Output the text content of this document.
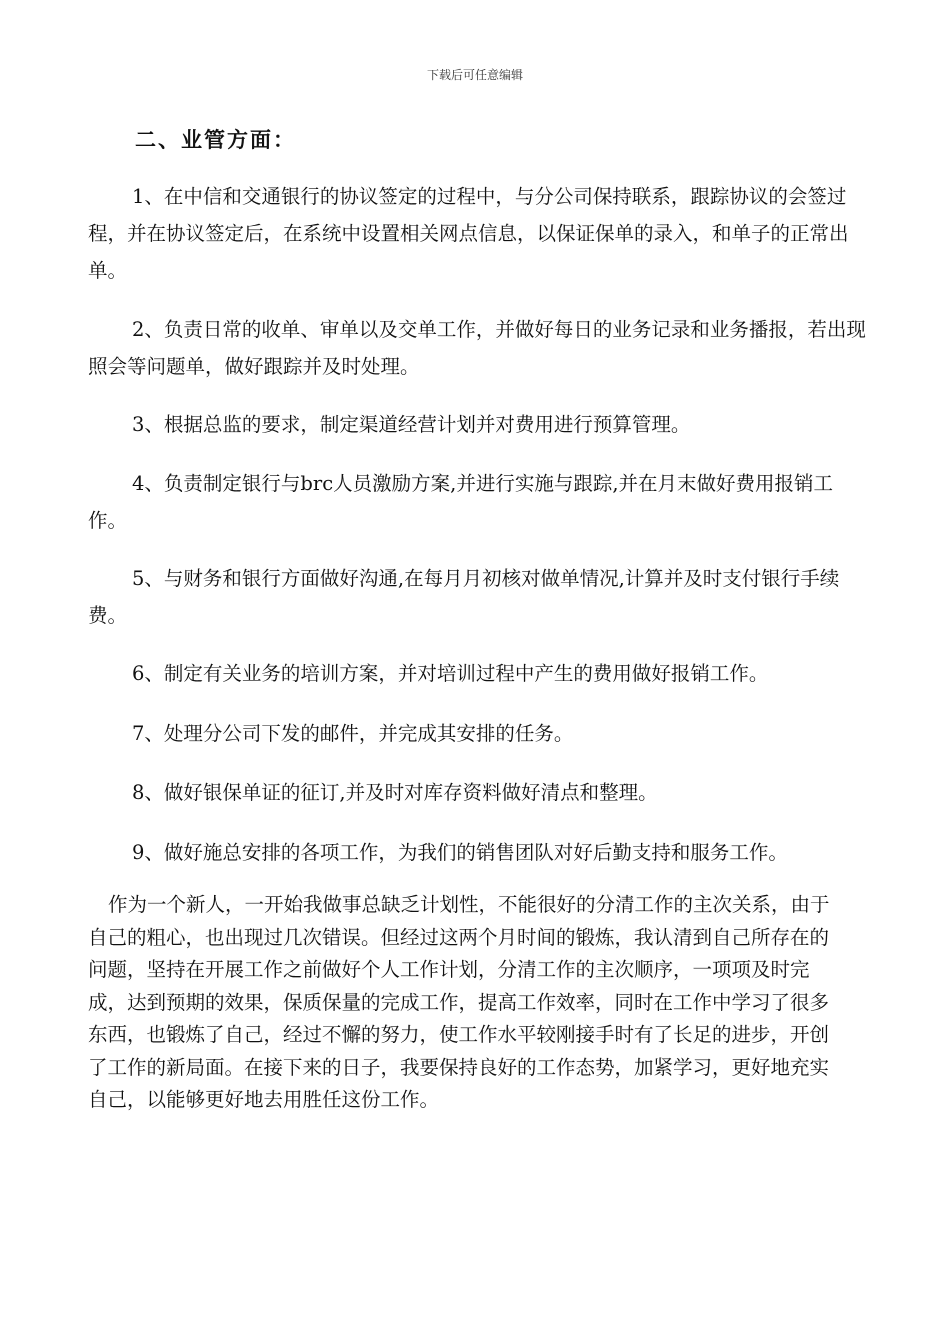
下载后可任意编辑
二、业管方面：

1、在中信和交通银行的协议签定的过程中，与分公司保持联系，跟踪协议的会签过程，并在协议签定后，在系统中设置相关网点信息，以保证保单的录入，和单子的正常出单。

2、负责日常的收单、审单以及交单工作，并做好每日的业务记录和业务播报，若出现照会等问题单，做好跟踪并及时处理。

3、根据总监的要求，制定渠道经营计划并对费用进行预算管理。

4、负责制定银行与brc人员激励方案,并进行实施与跟踪,并在月末做好费用报销工作。

5、与财务和银行方面做好沟通,在每月月初核对做单情况,计算并及时支付银行手续费。

6、制定有关业务的培训方案，并对培训过程中产生的费用做好报销工作。

7、处理分公司下发的邮件，并完成其安排的任务。

8、做好银保单证的征订,并及时对库存资料做好清点和整理。

9、做好施总安排的各项工作，为我们的销售团队对好后勤支持和服务工作。

作为一个新人，一开始我做事总缺乏计划性，不能很好的分清工作的主次关系，由于自己的粗心，也出现过几次错误。但经过这两个月时间的锻炼，我认清到自己所存在的问题，坚持在开展工作之前做好个人工作计划，分清工作的主次顺序，一项项及时完成，达到预期的效果，保质保量的完成工作，提高工作效率，同时在工作中学习了很多东西，也锻炼了自己，经过不懈的努力，使工作水平较刚接手时有了长足的进步，开创了工作的新局面。在接下来的日子，我要保持良好的工作态势，加紧学习，更好地充实自己，以能够更好地去用胜任这份工作。
